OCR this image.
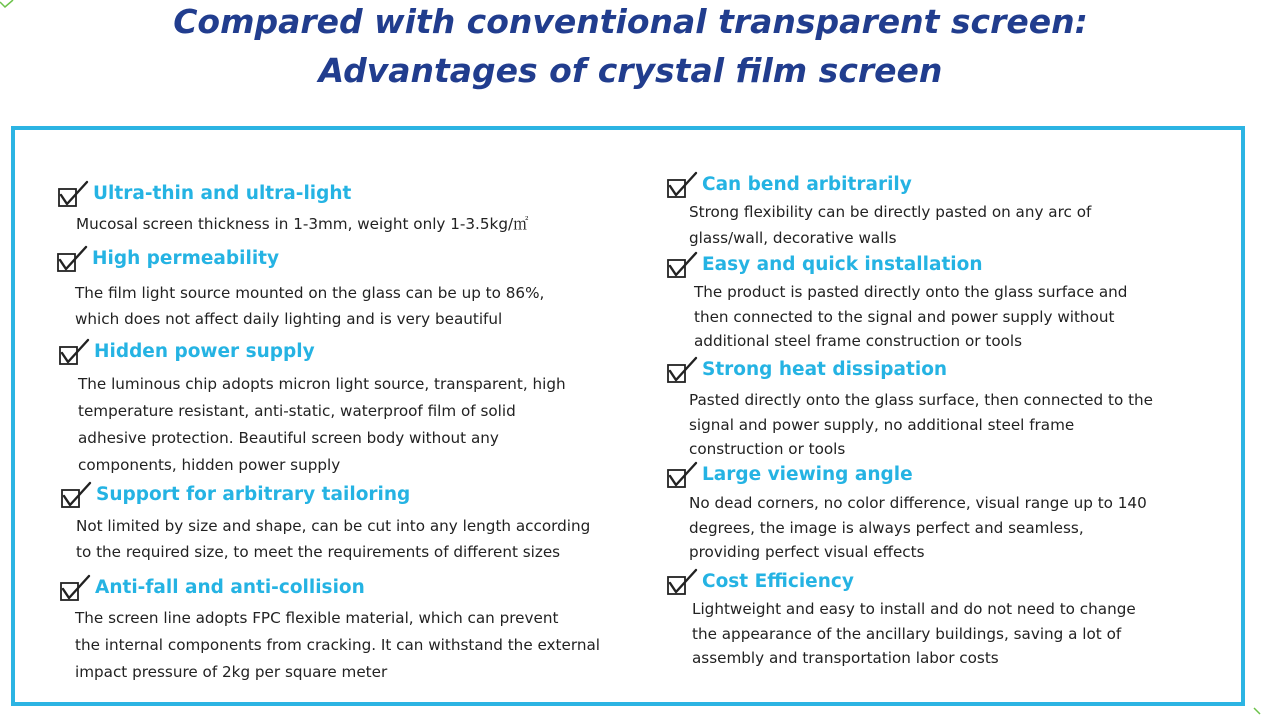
Compared with conventional transparent screen:
Advantages of crystal film screen
Ultra-thin and ultra-light
Mucosal screen thickness in 1-3mm, weight only 1-3.5kg/㎡
High permeability
The film light source mounted on the glass can be up to 86%,
which does not affect daily lighting and is very beautiful
Hidden power supply
The luminous chip adopts micron light source, transparent, high
temperature resistant, anti-static, waterproof film of solid
adhesive protection. Beautiful screen body without any
components, hidden power supply
Support for arbitrary tailoring
Not limited by size and shape, can be cut into any length according
to the required size, to meet the requirements of different sizes
Anti-fall and anti-collision
The screen line adopts FPC flexible material, which can prevent
the internal components from cracking. It can withstand the external
impact pressure of 2kg per square meter
Can bend arbitrarily
Strong flexibility can be directly pasted on any arc of
glass/wall, decorative walls
Easy and quick installation
The product is pasted directly onto the glass surface and
then connected to the signal and power supply without
additional steel frame construction or tools
Strong heat dissipation
Pasted directly onto the glass surface, then connected to the
signal and power supply, no additional steel frame
construction or tools
Large viewing angle
No dead corners, no color difference, visual range up to 140
degrees, the image is always perfect and seamless,
providing perfect visual effects
Cost Efficiency
Lightweight and easy to install and do not need to change
the appearance of the ancillary buildings, saving a lot of
assembly and transportation labor costs
